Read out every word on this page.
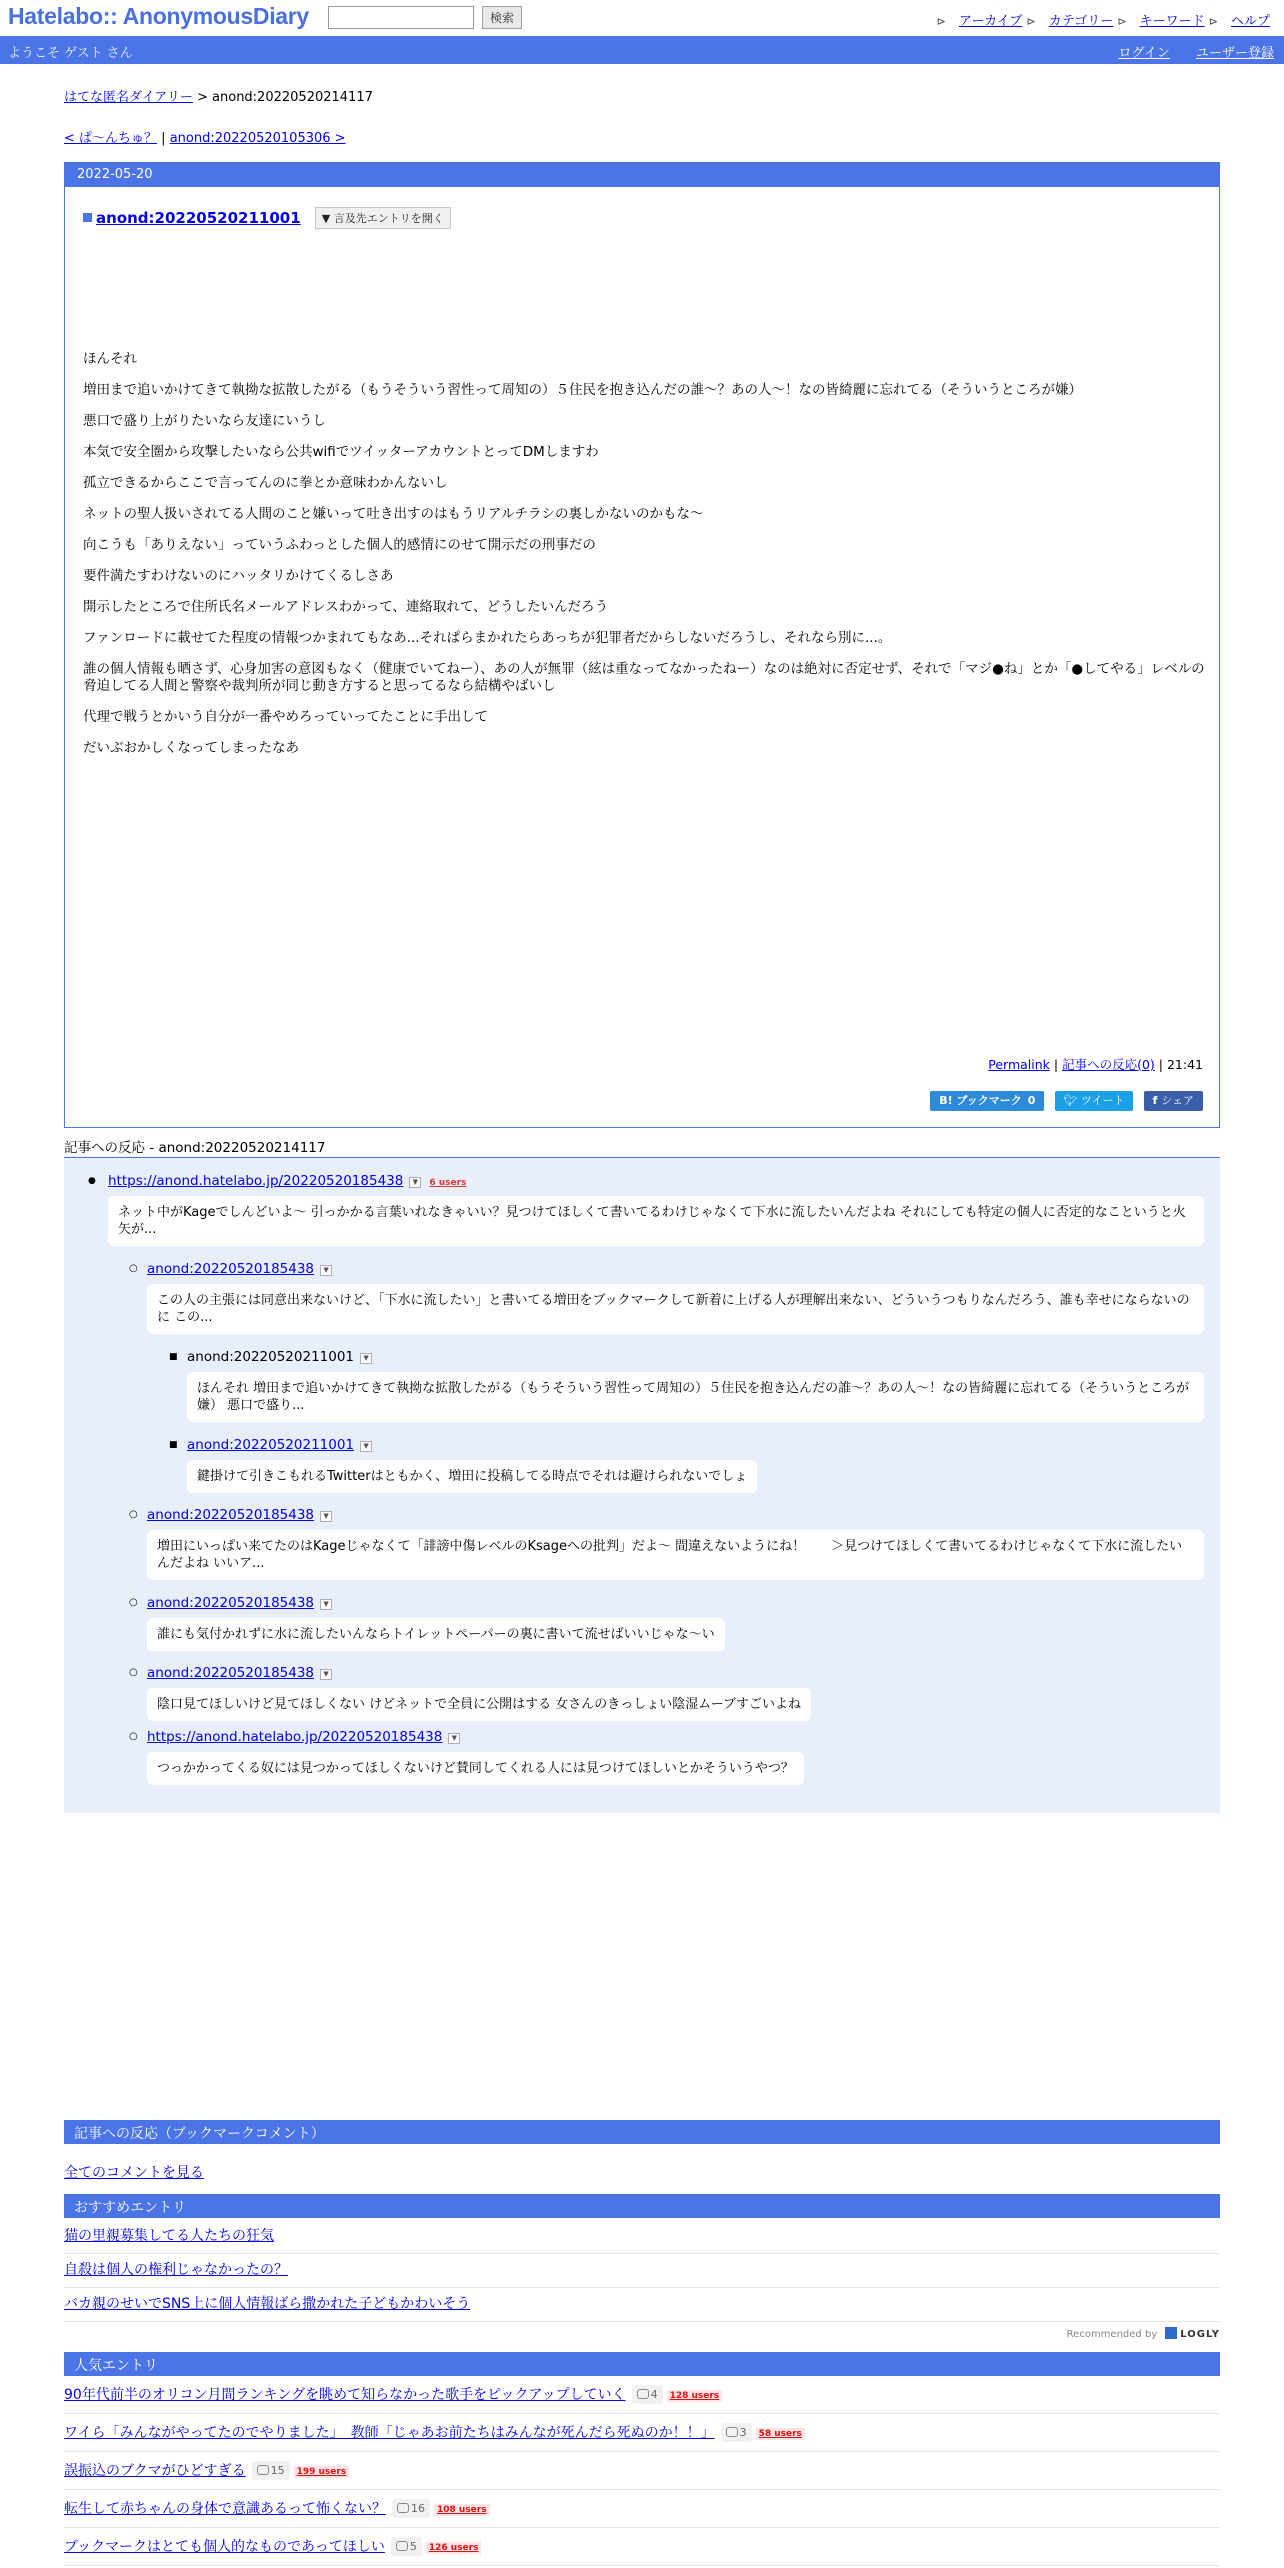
Hatelabo:: AnonymousDiary	検索	⊳ アーカイブ ⊳ カテゴリー ⊳ キーワード ⊳ ヘルプ
ようこそ ゲスト さん	ログイン ユーザー登録
はてな匿名ダイアリー > anond:20220520214117
< ぱ〜んちゅ？ | anond:20220520105306 >
2022-05-20
anond:20220520211001 ▼ 言及先エントリを開く

ほんそれ

増田まで追いかけてきて執拗な拡散したがる（もうそういう習性って周知の）５住民を抱き込んだの誰～？あの人～！なの皆綺麗に忘れてる（そういうところが嫌）

悪口で盛り上がりたいなら友達にいうし

本気で安全圏から攻撃したいなら公共wifiでツイッターアカウントとってDMしますわ

孤立できるからここで言ってんのに拳とか意味わかんないし

ネットの聖人扱いされてる人間のこと嫌いって吐き出すのはもうリアルチラシの裏しかないのかもな～

向こうも「ありえない」っていうふわっとした個人的感情にのせて開示だの刑事だの

要件満たすわけないのにハッタリかけてくるしさあ

開示したところで住所氏名メールアドレスわかって、連絡取れて、どうしたいんだろう

ファンロードに載せてた程度の情報つかまれてもなあ...それぱらまかれたらあっちが犯罪者だからしないだろうし、それなら別に...。

誰の個人情報も晒さず、心身加害の意図もなく（健康でいてねー）、あの人が無罪（絃は重なってなかったねー）なのは絶対に否定せず、それで「マジ●ね」とか「●してやる」レベルの脅迫してる人間と警察や裁判所が同じ動き方すると思ってるなら結構やばいし

代理で戦うとかいう自分が一番やめろっていってたことに手出して

だいぶおかしくなってしまったなあ

Permalink | 記事への反応(0) | 21:41
B! ブックマーク 0	🐦︎ ツイート	f シェア
記事への反応 - anond:20220520214117
● https://anond.hatelabo.jp/20220520185438 ▼ 6 users
ネット中がKageでしんどいよ～ 引っかかる言葉いれなきゃいい？見つけてほしくて書いてるわけじゃなくて下水に流したいんだよね それにしても特定の個人に否定的なこというと火矢が...
○ anond:20220520185438 ▼
この人の主張には同意出来ないけど、「下水に流したい」と書いてる増田をブックマークして新着に上げる人が理解出来ない、どういうつもりなんだろう、誰も幸せにならないのに この...
■ anond:20220520211001 ▼
ほんそれ 増田まで追いかけてきて執拗な拡散したがる（もうそういう習性って周知の）５住民を抱き込んだの誰～？あの人～！なの皆綺麗に忘れてる（そういうところが嫌） 悪口で盛り...
■ anond:20220520211001 ▼
鍵掛けて引きこもれるTwitterはともかく、増田に投稿してる時点でそれは避けられないでしょ
○ anond:20220520185438 ▼
増田にいっぱい来てたのはKageじゃなくて「誹謗中傷レベルのKsageへの批判」だよ〜 間違えないようにね！　　＞見つけてほしくて書いてるわけじゃなくて下水に流したいんだよね いいア...
○ anond:20220520185438 ▼
誰にも気付かれずに水に流したいんならトイレットペーパーの裏に書いて流せばいいじゃな〜い
○ anond:20220520185438 ▼
陰口見てほしいけど見てほしくない けどネットで全員に公開はする 女さんのきっしょい陰湿ムーブすごいよね
○ https://anond.hatelabo.jp/20220520185438 ▼
つっかかってくる奴には見つかってほしくないけど賛同してくれる人には見つけてほしいとかそういうやつ？
記事への反応（ブックマークコメント）
全てのコメントを見る
おすすめエントリ
猫の里親募集してる人たちの狂気
自殺は個人の権利じゃなかったの？
バカ親のせいでSNS上に個人情報ばら撒かれた子どもかわいそう
Recommended by LOGLY
人気エントリ
90年代前半のオリコン月間ランキングを眺めて知らなかった歌手をピックアップしていく 4 128 users
ワイら「みんながやってたのでやりました」　教師「じゃあお前たちはみんなが死んだら死ぬのか！！」 3 58 users
誤振込のブクマがひどすぎる 15 199 users
転生して赤ちゃんの身体で意識あるって怖くない？ 16 108 users
ブックマークはとても個人的なものであってほしい 5 126 users
